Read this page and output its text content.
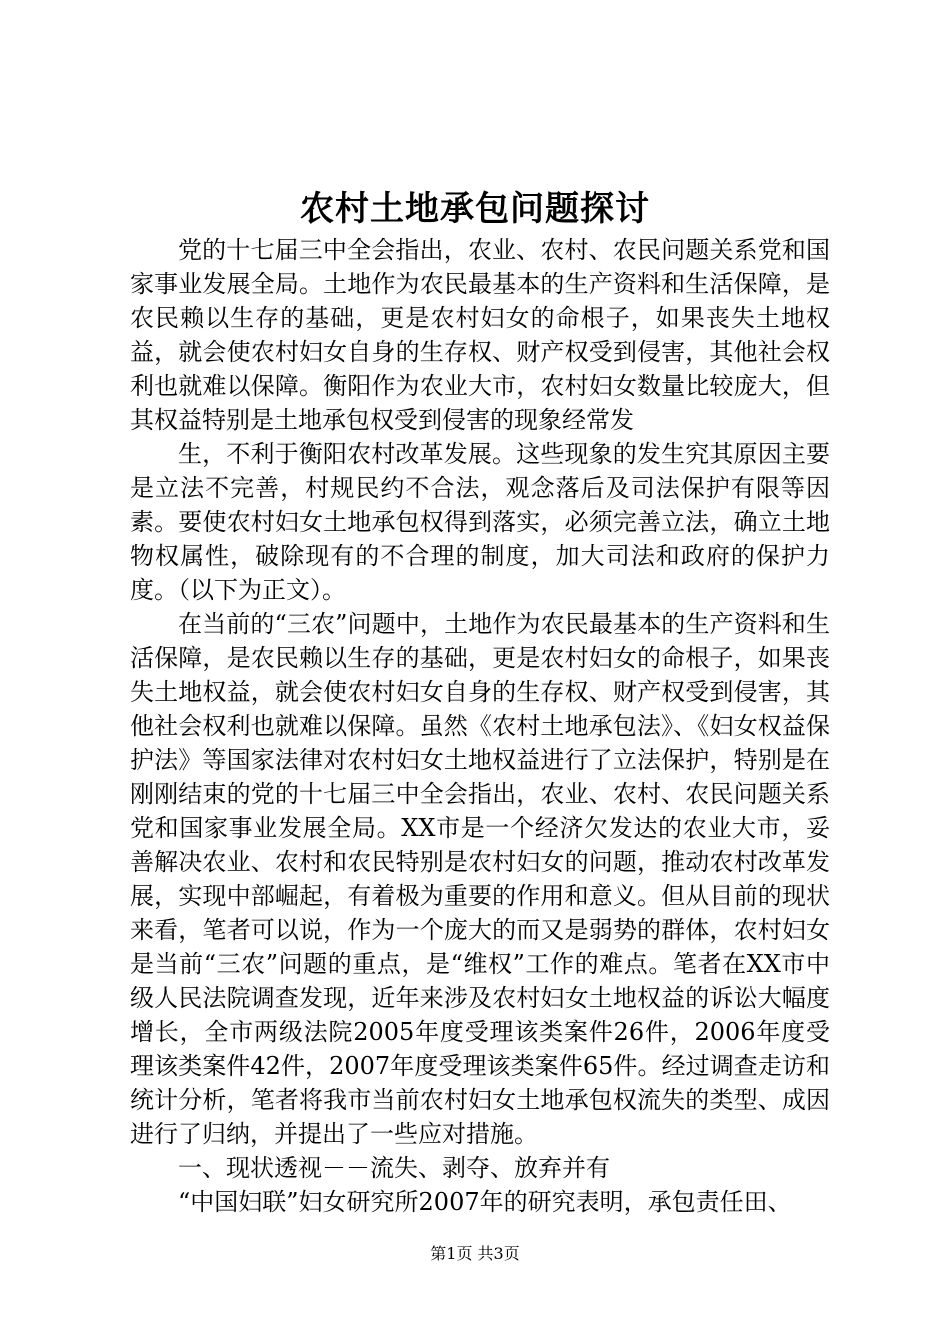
农村土地承包问题探讨

党的十七届三中全会指出，农业、农村、农民问题关系党和国家事业发展全局。土地作为农民最基本的生产资料和生活保障，是农民赖以生存的基础，更是农村妇女的命根子，如果丧失土地权益，就会使农村妇女自身的生存权、财产权受到侵害，其他社会权利也就难以保障。衡阳作为农业大市，农村妇女数量比较庞大，但其权益特别是土地承包权受到侵害的现象经常发

生，不利于衡阳农村改革发展。这些现象的发生究其原因主要是立法不完善，村规民约不合法，观念落后及司法保护有限等因素。要使农村妇女土地承包权得到落实，必须完善立法，确立土地物权属性，破除现有的不合理的制度，加大司法和政府的保护力度。（以下为正文）。

在当前的“三农”问题中，土地作为农民最基本的生产资料和生活保障，是农民赖以生存的基础，更是农村妇女的命根子，如果丧失土地权益，就会使农村妇女自身的生存权、财产权受到侵害，其他社会权利也就难以保障。虽然《农村土地承包法》、《妇女权益保护法》等国家法律对农村妇女土地权益进行了立法保护，特别是在刚刚结束的党的十七届三中全会指出，农业、农村、农民问题关系党和国家事业发展全局。XX市是一个经济欠发达的农业大市，妥善解决农业、农村和农民特别是农村妇女的问题，推动农村改革发展，实现中部崛起，有着极为重要的作用和意义。但从目前的现状来看，笔者可以说，作为一个庞大的而又是弱势的群体，农村妇女是当前“三农”问题的重点，是“维权”工作的难点。笔者在XX市中级人民法院调查发现，近年来涉及农村妇女土地权益的诉讼大幅度增长，全市两级法院2005年度受理该类案件26件，2006年度受理该类案件42件，2007年度受理该类案件65件。经过调查走访和统计分析，笔者将我市当前农村妇女土地承包权流失的类型、成因进行了归纳，并提出了一些应对措施。

一、现状透视－－流失、剥夺、放弃并有

“中国妇联”妇女研究所2007年的研究表明，承包责任田、

第1页 共3页
